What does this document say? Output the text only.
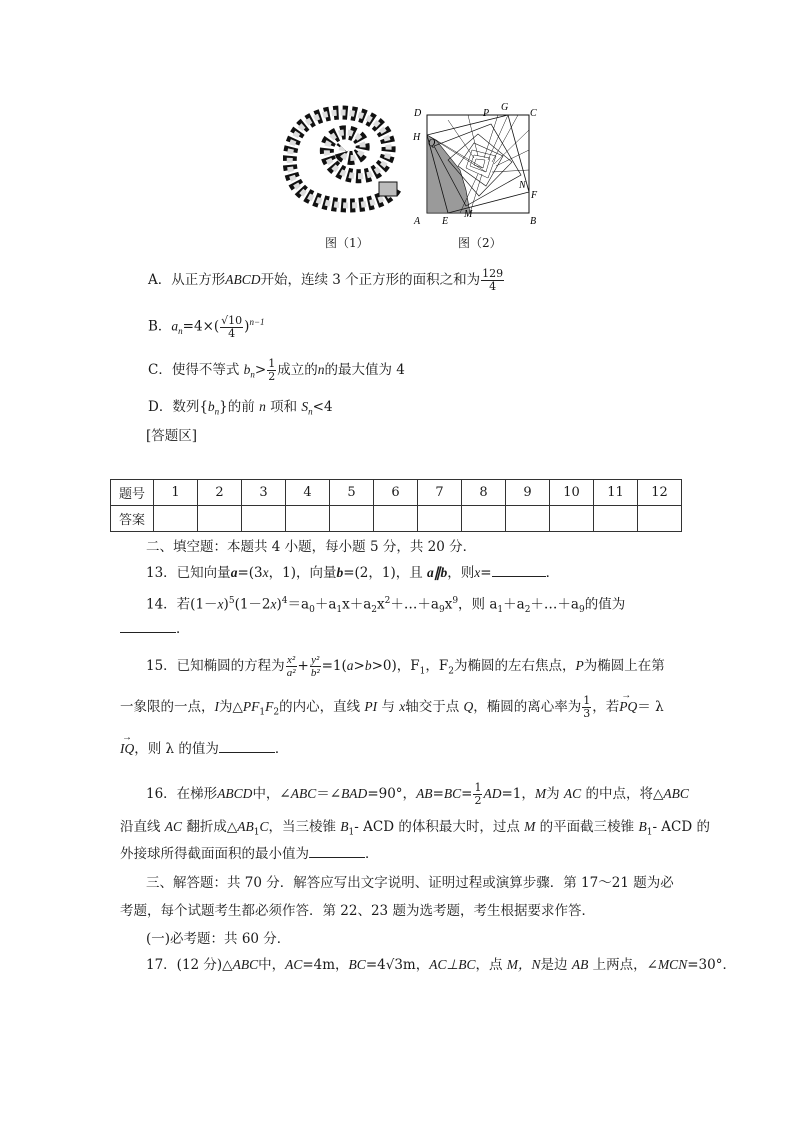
D	P
G
C
H
Q
N
F
A E
M
B
图（1）	图（2）
A．从正方形ABCD开始，连续 3 个正方形的面积之和为 $\frac{129}{4}$
B．$a_n=4\times( \frac{√10}{4} )^{n-1}$
C．使得不等式 $b_n> \frac{1}{2}$ 成立的n的最大值为 4
D．数列$\{b_n\}$的前 n 项和 $S_n<4$
[答题区]
题号	1	2	3	4	5	6	7	8	9	10	11	12
答案												
二、填空题：本题共 4 小题，每小题 5 分，共 20 分．
13．已知向量a=(3x，1)，向量b=(2，1)，且 a∥b，则x=	．
14．若$(1-x)^5(1-2x)^4=a_0+a_1x+a_2x^2+\dots+a_9x^9$，则 $a_1+a_2+\dots+a_9$的值为
．
15．已知椭圆的方程为 $\frac{\text{x²}}{\text{a²}} + \frac{\text{y²}}{\text{b²}} =1(a>b>0)$，$F_1$，$F_2$为椭圆的左右焦点，P为椭圆上在第
一象限的一点，I为$\triangle PF_1F_2$的内心，直线 PI 与 x轴交于点 Q，椭圆的离心率为 $\frac{1}{3}$ ，若→ PQ＝ λ
→ IQ，则 λ 的值为	．
16．在梯形ABCD中，∠ABC＝∠BAD=90°，$AB=BC= \frac{1}{2} AD=1$，M为 AC 的中点，将△ABC
沿直线 AC 翻折成$\triangle AB_1C$，当三棱锥 $B_1-$ ACD 的体积最大时，过点 M 的平面截三棱锥 $B_1-$ ACD 的
外接球所得截面面积的最小值为	．
三、解答题：共 70 分．解答应写出文字说明、证明过程或演算步骤．第 17～21 题为必
考题，每个试题考生都必须作答．第 22、23 题为选考题，考生根据要求作答．
(一)必考题：共 60 分．
17．(12 分)△ABC中，AC=4m，BC=4√3m，AC⊥BC，点 M，N是边 AB 上两点，∠MCN=30°．
